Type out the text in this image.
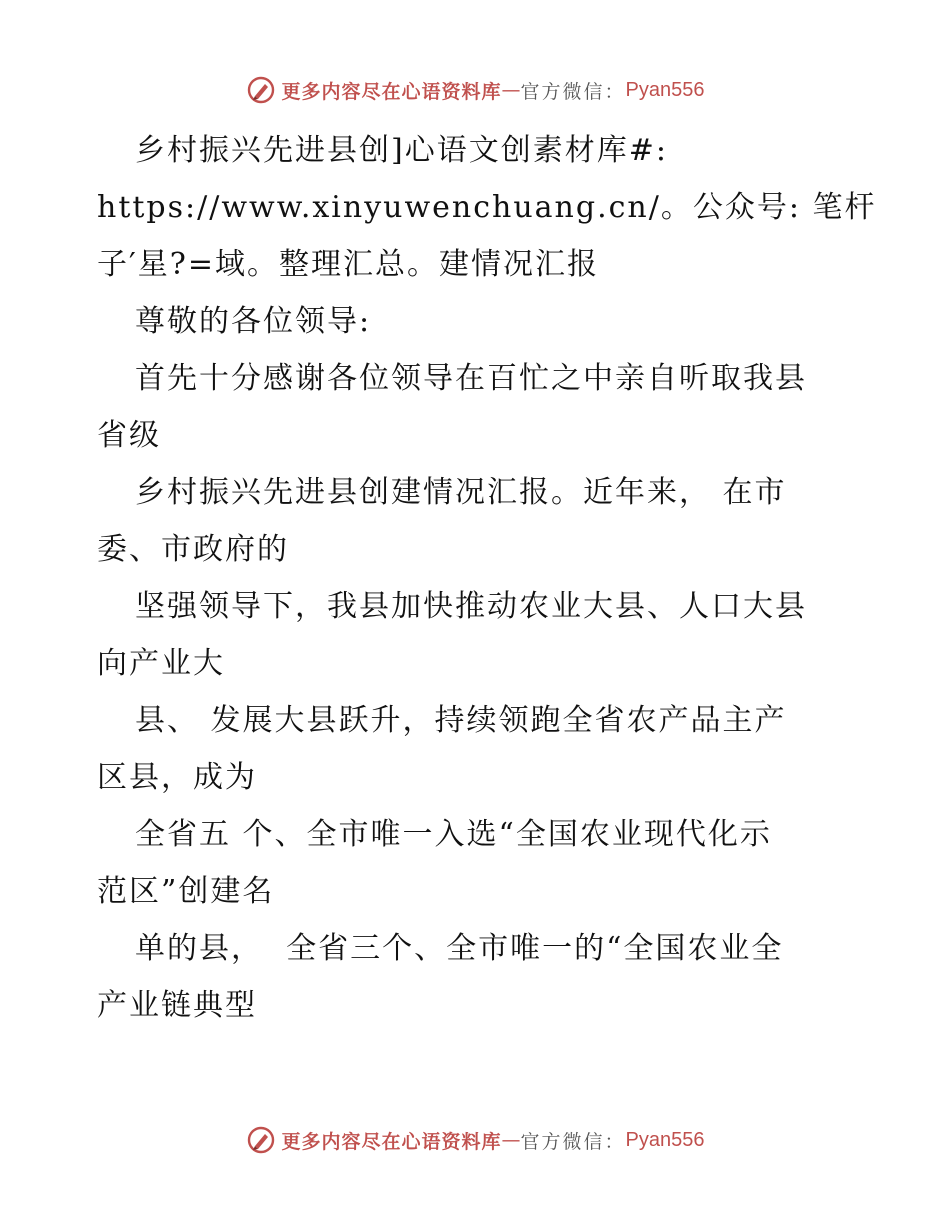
更多内容尽在心语资料库 — 官方微信： Pyan556
乡村振兴先进县创]心语文创素材库#:
https://www.xinyuwenchuang.cn/。公众号: 笔杆
子′星?=域。整理汇总。建情况汇报
尊敬的各位领导:
首先十分感谢各位领导在百忙之中亲自听取我县
省级
乡村振兴先进县创建情况汇报。近年来， 在市
委、市政府的
坚强领导下，我县加快推动农业大县、人口大县
向产业大
县、 发展大县跃升，持续领跑全省农产品主产
区县，成为
全省五 个、全市唯一入选“全国农业现代化示
范区”创建名
单的县，  全省三个、全市唯一的“全国农业全
产业链典型
更多内容尽在心语资料库 — 官方微信： Pyan556
